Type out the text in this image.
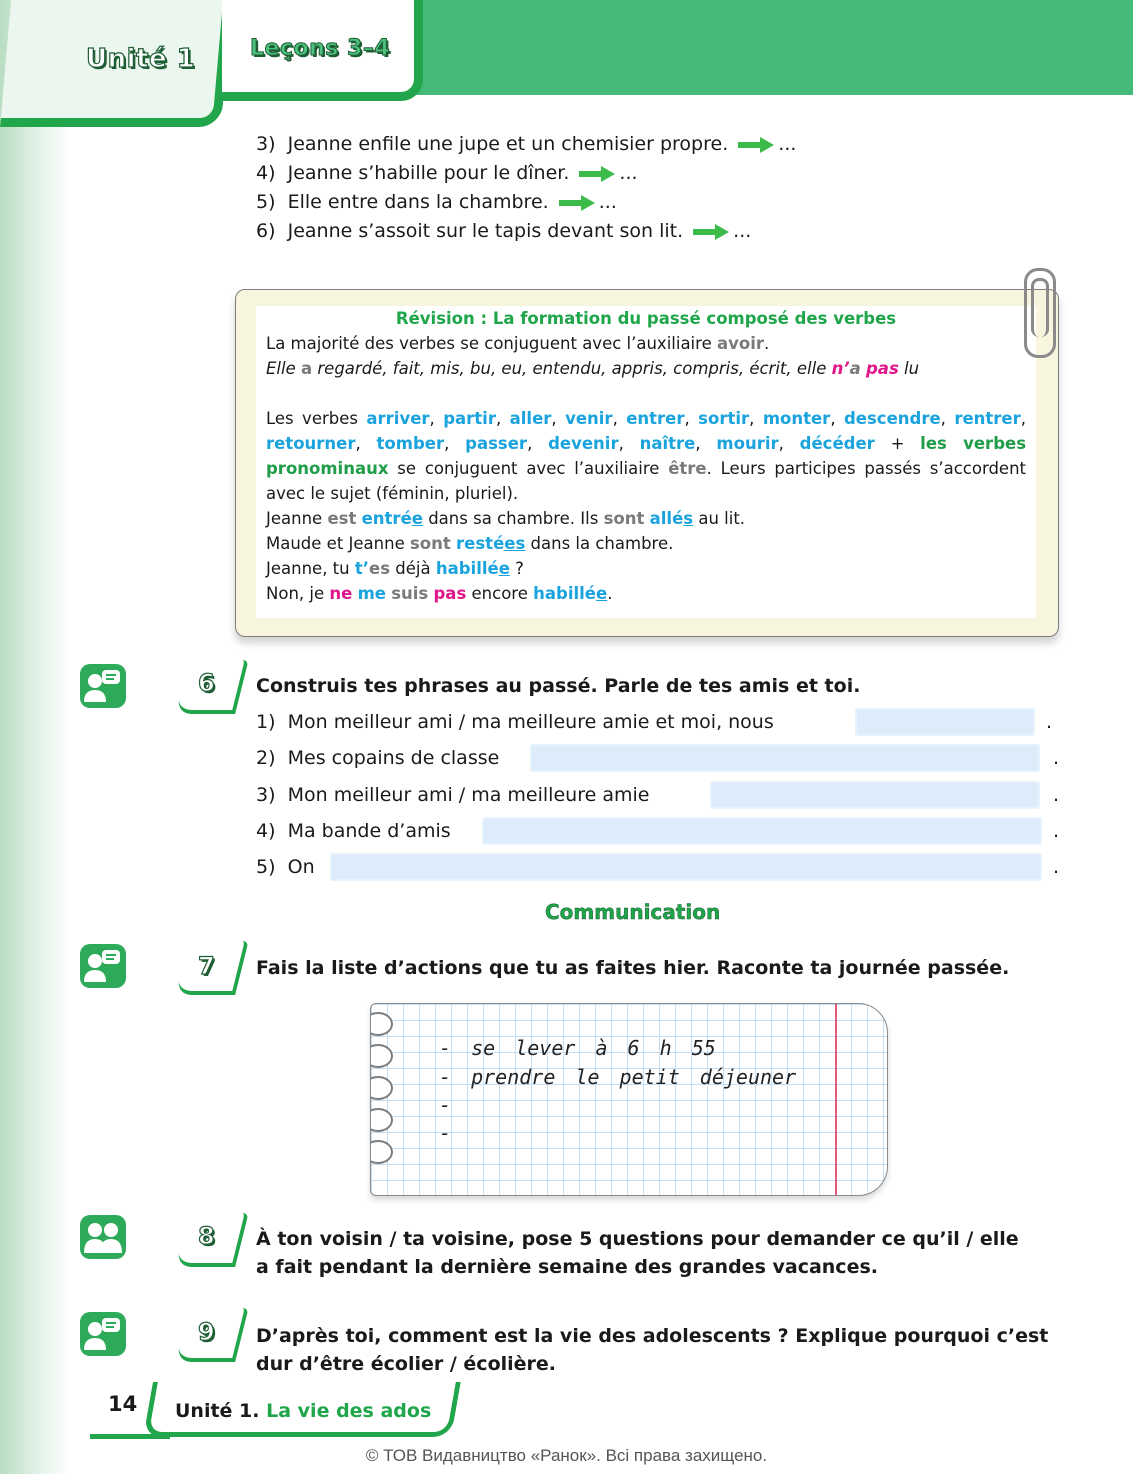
Unité 1 Leçons 3–4
3) Jeanne enfile une jupe et un chemisier propre.	...
4) Jeanne s’habille pour le dîner.	...
5) Elle entre dans la chambre.	...
6) Jeanne s’assoit sur le tapis devant son lit.	...
Révision : La formation du passé composé des verbes
La majorité des verbes se conjuguent avec l’auxiliaire avoir.
Elle a regardé, fait, mis, bu, eu, entendu, appris, compris, écrit, elle n’a pas lu

Les verbes arriver, partir, aller, venir, entrer, sortir, monter, descendre, rentrer, retourner, tomber, passer, devenir, naître, mourir, décéder + les verbes pronominaux se conjuguent avec l’auxiliaire être. Leurs participes passés s’accordent avec le sujet (féminin, pluriel).
Jeanne est entrée dans sa chambre. Ils sont allés au lit.
Maude et Jeanne sont restées dans la chambre.
Jeanne, tu t’es déjà habillée ?
Non, je ne me suis pas encore habillée.
6 Construis tes phrases au passé. Parle de tes amis et toi.
1) Mon meilleur ami / ma meilleure amie et moi, nous	.
2) Mes copains de classe	.
3) Mon meilleur ami / ma meilleure amie	.
4) Ma bande d’amis	.
5) On	.
Communication
7 Fais la liste d’actions que tu as faites hier. Raconte ta journée passée.
- se lever à 6 h 55
- prendre le petit déjeuner
-
-
8 À ton voisin / ta voisine, pose 5 questions pour demander ce qu’il / elle
a fait pendant la dernière semaine des grandes vacances.
9 D’après toi, comment est la vie des adolescents ? Explique pourquoi c’est
dur d’être écolier / écolière.
14 Unité 1. La vie des ados
© ТОВ Видавництво «Ранок». Всі права захищено.
